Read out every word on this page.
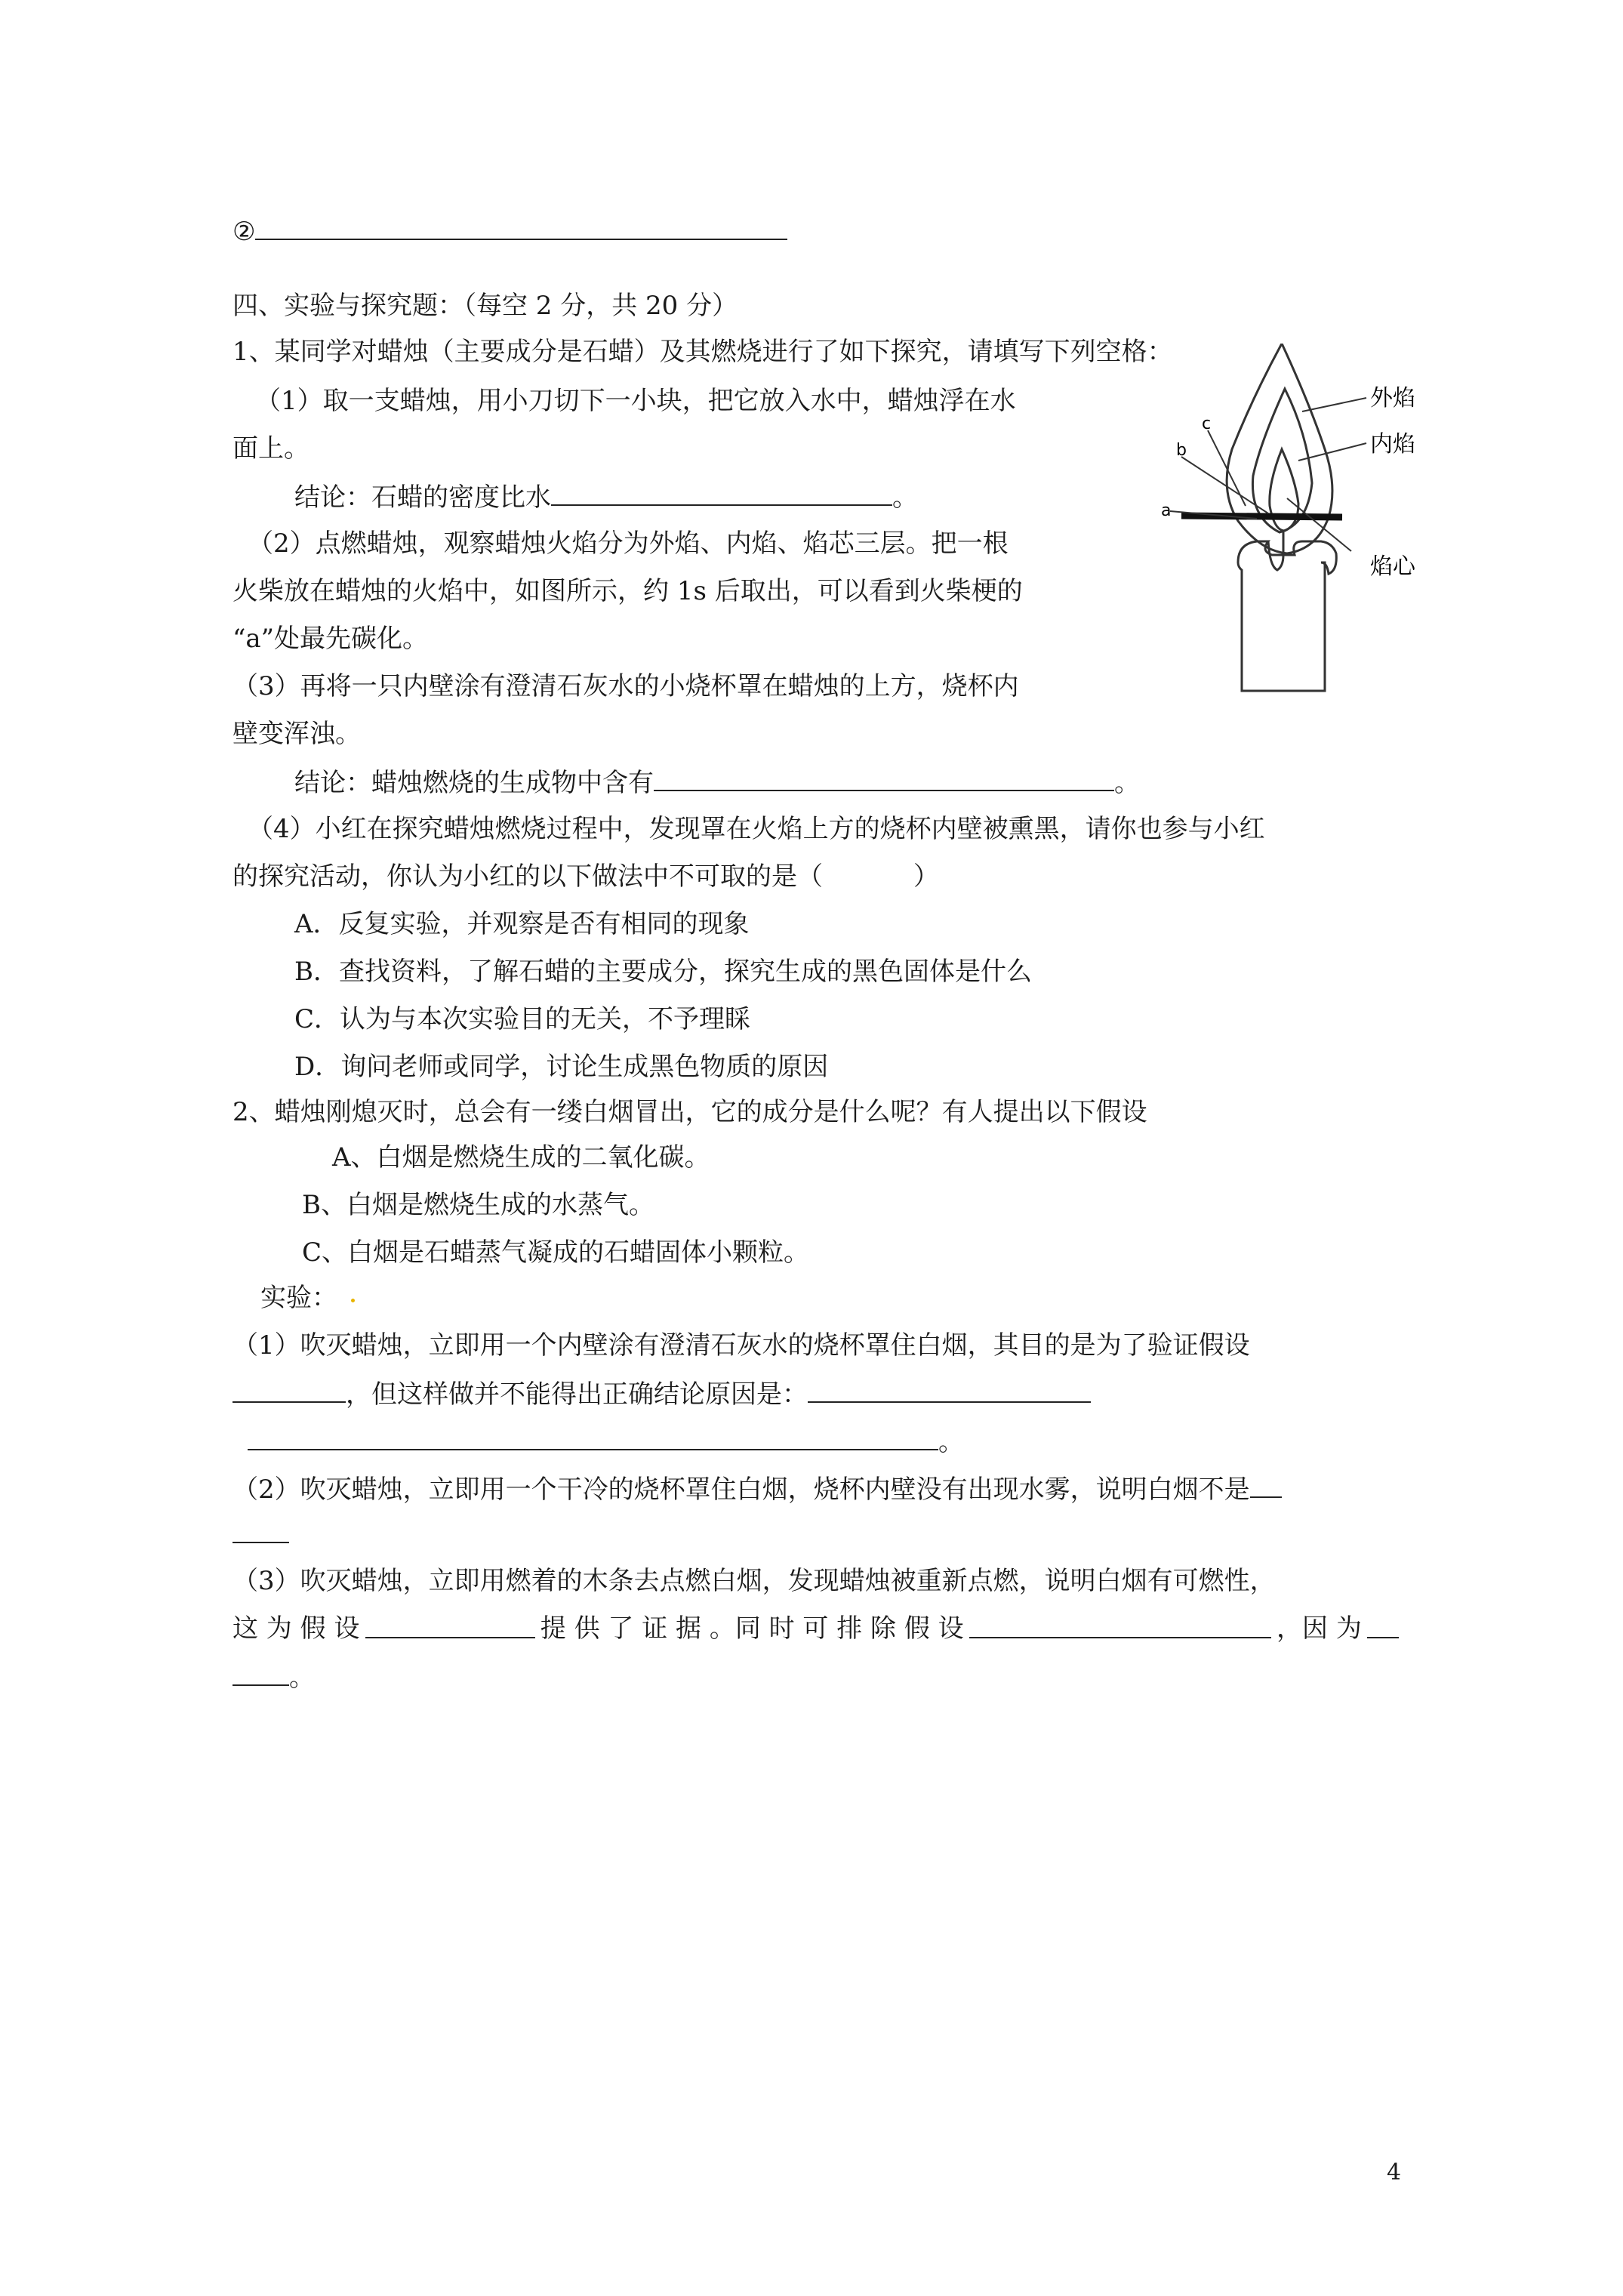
②
四、实验与探究题：（每空 2 分，共 20 分）
1、某同学对蜡烛（主要成分是石蜡）及其燃烧进行了如下探究，请填写下列空格：
（1）取一支蜡烛，用小刀切下一小块，把它放入水中，蜡烛浮在水
面上。
结论：石蜡的密度比水	。
（2）点燃蜡烛，观察蜡烛火焰分为外焰、内焰、焰芯三层。把一根
火柴放在蜡烛的火焰中，如图所示，约 1s 后取出，可以看到火柴梗的
“a”处最先碳化。
（3）再将一只内壁涂有澄清石灰水的小烧杯罩在蜡烛的上方，烧杯内
壁变浑浊。
结论：蜡烛燃烧的生成物中含有	。
（4）小红在探究蜡烛燃烧过程中，发现罩在火焰上方的烧杯内壁被熏黑，请你也参与小红
的探究活动，你认为小红的以下做法中不可取的是（	）
A．反复实验，并观察是否有相同的现象
B．查找资料，了解石蜡的主要成分，探究生成的黑色固体是什么
C．认为与本次实验目的无关，不予理睬
D．询问老师或同学，讨论生成黑色物质的原因
2、蜡烛刚熄灭时，总会有一缕白烟冒出，它的成分是什么呢？有人提出以下假设
A、白烟是燃烧生成的二氧化碳。
B、白烟是燃烧生成的水蒸气。
C、白烟是石蜡蒸气凝成的石蜡固体小颗粒。
实验：
（1）吹灭蜡烛，立即用一个内壁涂有澄清石灰水的烧杯罩住白烟，其目的是为了验证假设
，但这样做并不能得出正确结论原因是：
。
（2）吹灭蜡烛，立即用一个干冷的烧杯罩住白烟，烧杯内壁没有出现水雾，说明白烟不是
（3）吹灭蜡烛，立即用燃着的木条去点燃白烟，发现蜡烛被重新点燃，说明白烟有可燃性，
这 为 假 设	提 供 了 证 据 。同 时 可 排 除 假 设	，因 为
。
a
b
c
外焰
内焰
焰心
4
